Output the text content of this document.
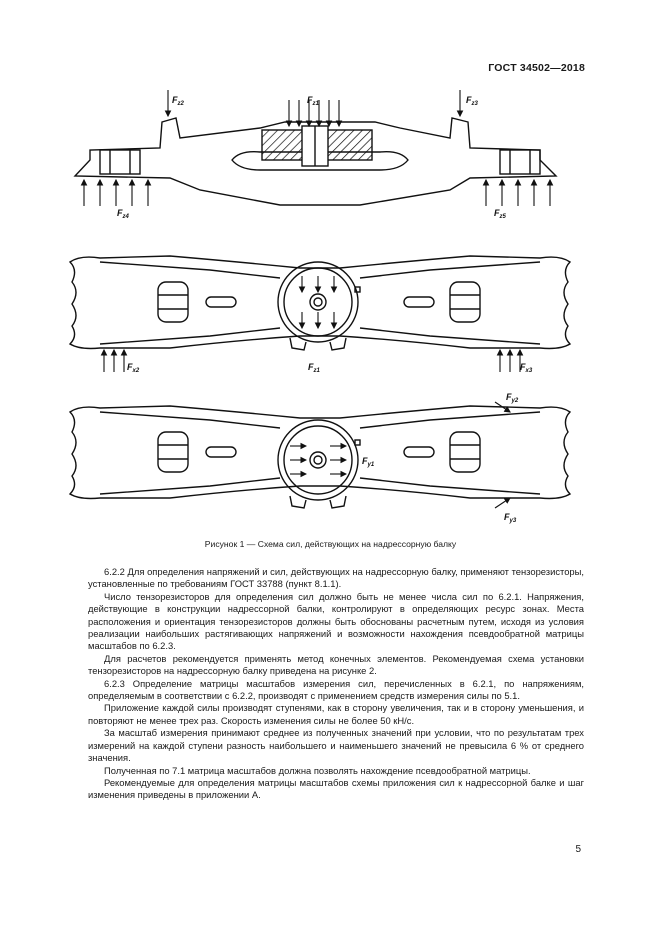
ГОСТ 34502—2018
$F_{z2}$	$F_{z1}$	$F_{z3}$
$F_{z4}$	$F_{z5}$
$F_{x2}$	$F_{z1}$	$F_{x3}$
$F_{y2}$
$F_{y1}$
$F_{y3}$
Рисунок 1 — Схема сил, действующих на надрессорную балку

6.2.2 Для определения напряжений и сил, действующих на надрессорную балку, применяют тензорезисторы, установленные по требованиям ГОСТ 33788 (пункт 8.1.1).

Число тензорезисторов для определения сил должно быть не менее числа сил по 6.2.1. Напряжения, действующие в конструкции надрессорной балки, контролируют в определяющих ресурс зонах. Места расположения и ориентация тензорезисторов должны быть обоснованы расчетным путем, исходя из условия реализации наибольших растягивающих напряжений и возможности нахождения псевдообратной матрицы масштабов по 6.2.3.

Для расчетов рекомендуется применять метод конечных элементов. Рекомендуемая схема установки тензорезисторов на надрессорную балку приведена на рисунке 2.

6.2.3 Определение матрицы масштабов измерения сил, перечисленных в 6.2.1, по напряжениям, определяемым в соответствии с 6.2.2, производят с применением средств измерения силы по 5.1.

Приложение каждой силы производят ступенями, как в сторону увеличения, так и в сторону уменьшения, и повторяют не менее трех раз. Скорость изменения силы не более 50 кН/с.

За масштаб измерения принимают среднее из полученных значений при условии, что по результатам трех измерений на каждой ступени разность наибольшего и наименьшего значений не превысила 6 % от среднего значения.

Полученная по 7.1 матрица масштабов должна позволять нахождение псевдообратной матрицы.

Рекомендуемые для определения матрицы масштабов схемы приложения сил к надрессорной балке и шаг изменения приведены в приложении А.

5
